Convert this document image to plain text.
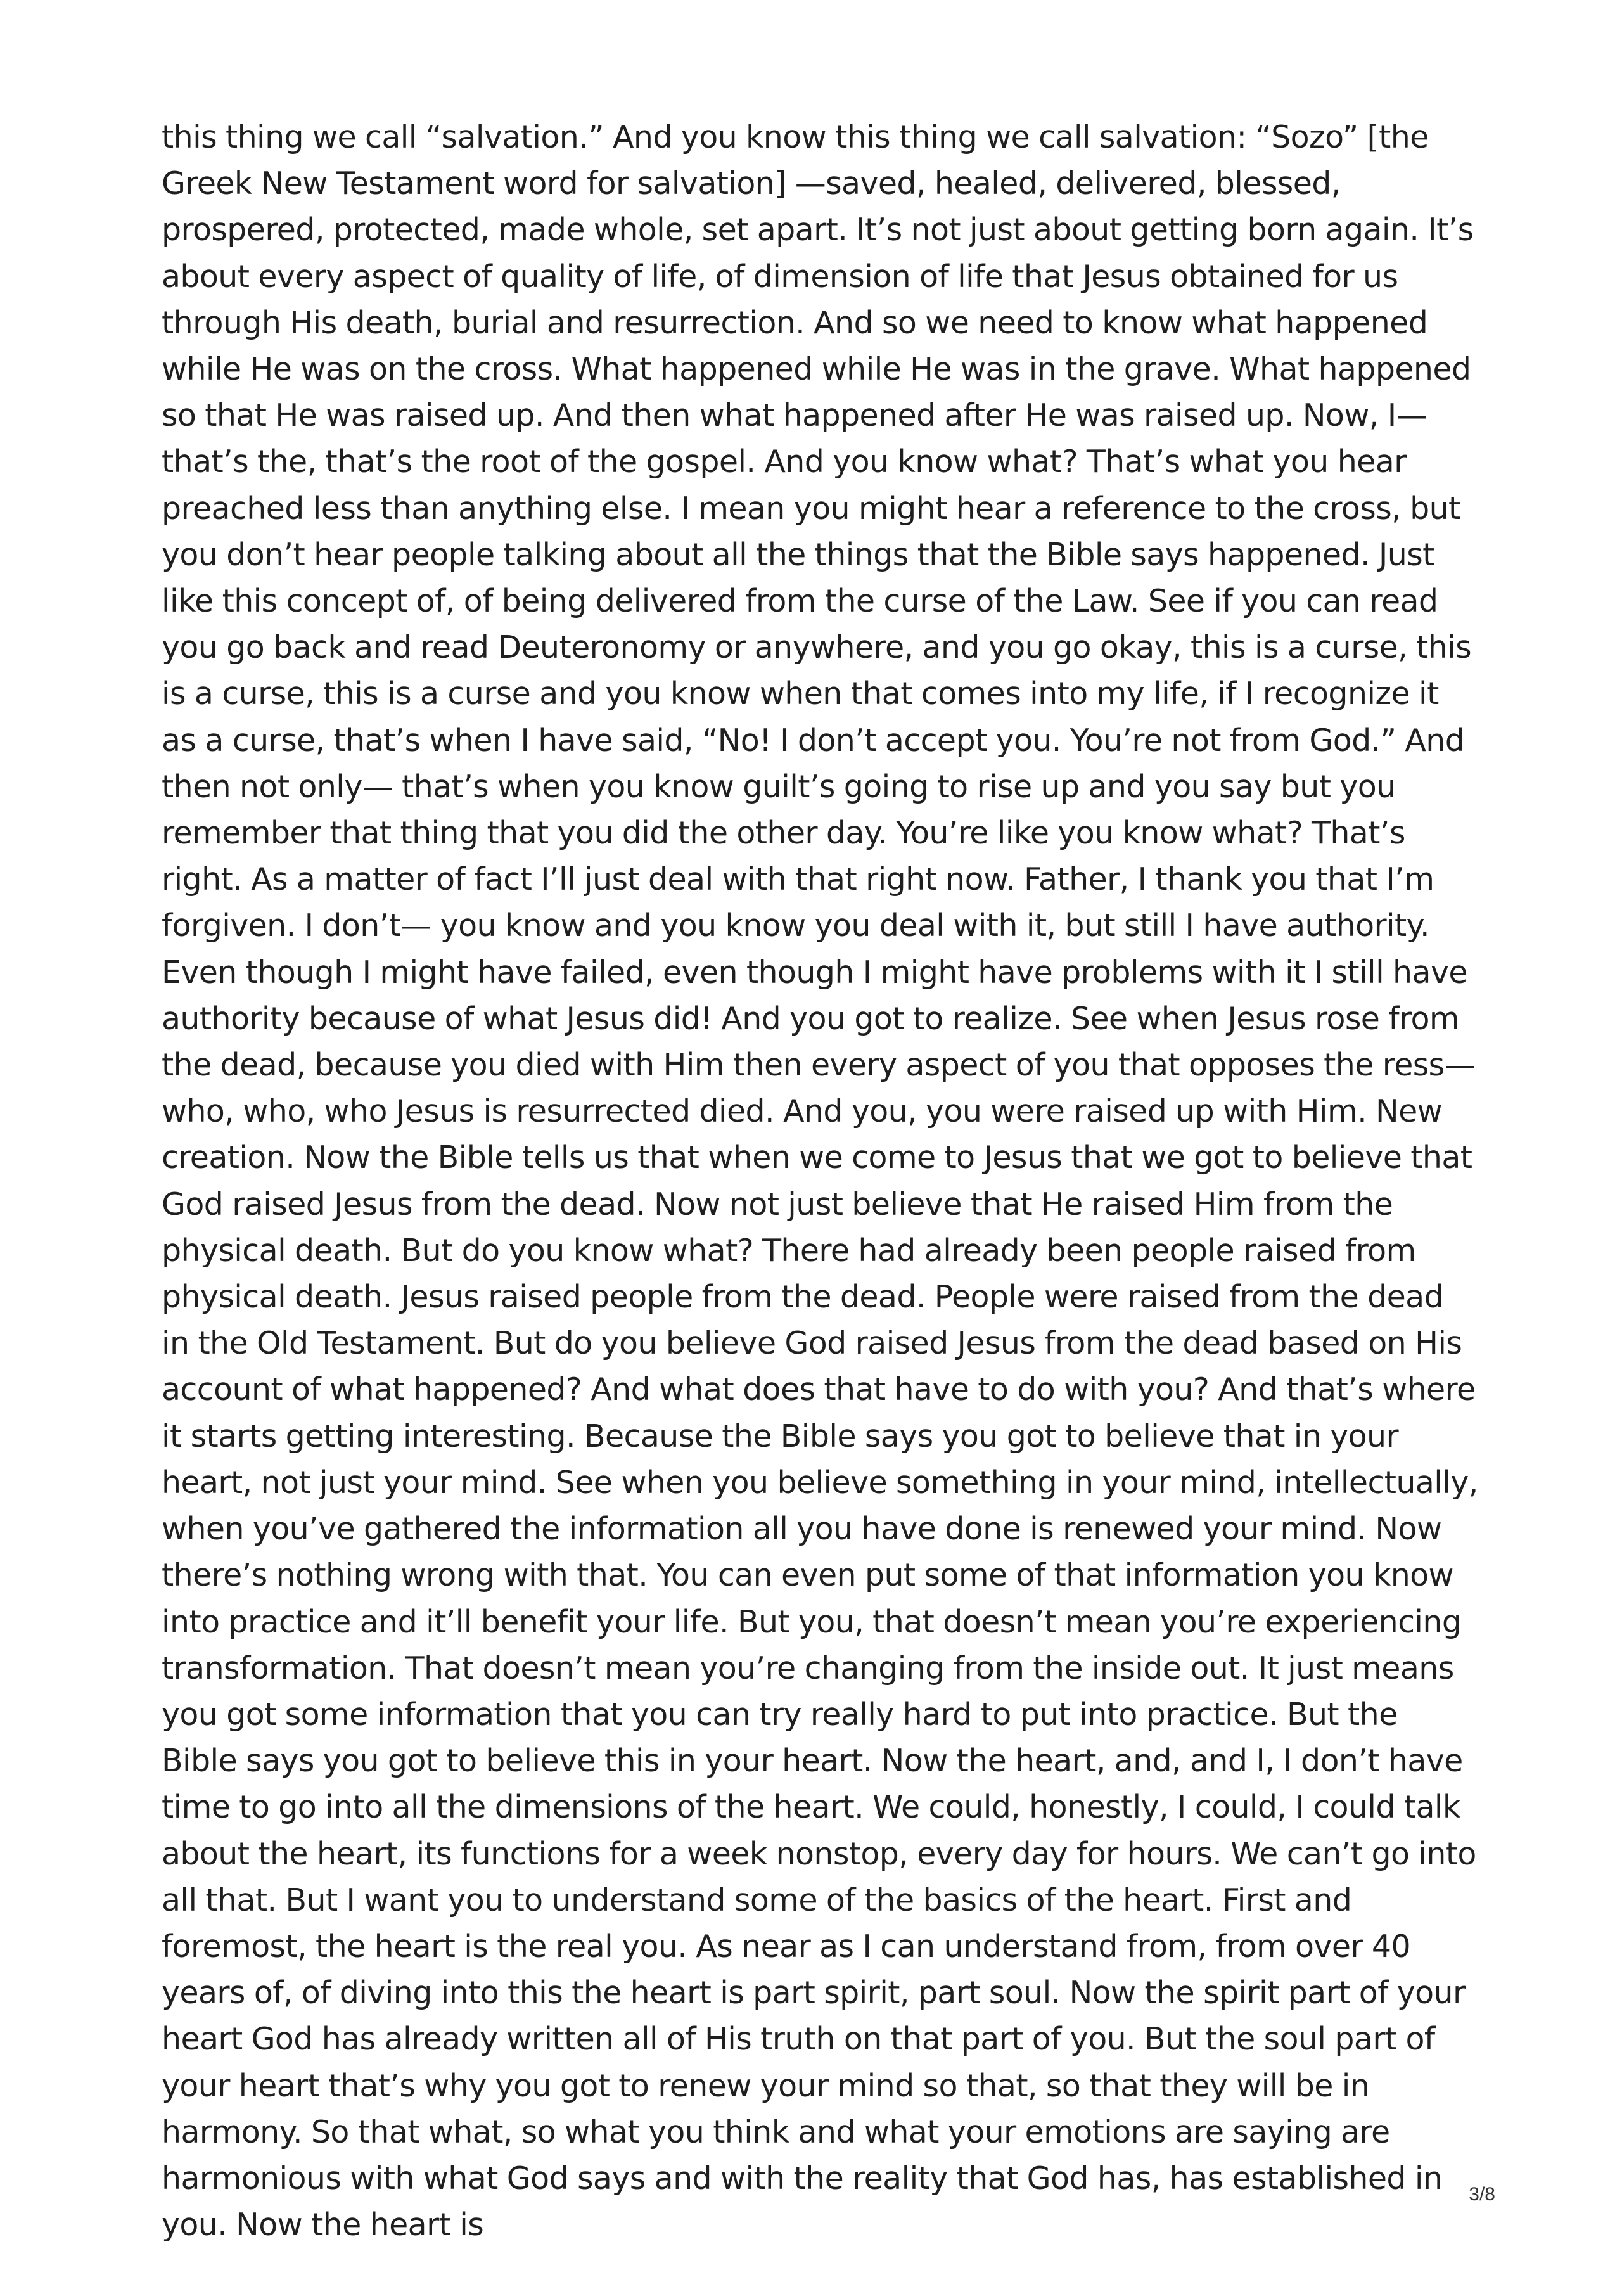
this thing we call “salvation.” And you know this thing we call salvation: “Sozo” [the Greek New Testament word for salvation] —saved, healed, delivered, blessed, prospered, protected, made whole, set apart. It’s not just about getting born again. It’s about every aspect of quality of life, of dimension of life that Jesus obtained for us through His death, burial and resurrection. And so we need to know what happened while He was on the cross. What happened while He was in the grave. What happened so that He was raised up. And then what happened after He was raised up. Now, I— that’s the, that’s the root of the gospel. And you know what? That’s what you hear preached less than anything else. I mean you might hear a reference to the cross, but you don’t hear people talking about all the things that the Bible says happened. Just like this concept of, of being delivered from the curse of the Law. See if you can read you go back and read Deuteronomy or anywhere, and you go okay, this is a curse, this is a curse, this is a curse and you know when that comes into my life, if I recognize it as a curse, that’s when I have said, “No! I don’t accept you. You’re not from God.” And then not only— that’s when you know guilt’s going to rise up and you say but you remember that thing that you did the other day. You’re like you know what? That’s right. As a matter of fact I’ll just deal with that right now. Father, I thank you that I’m forgiven. I don’t— you know and you know you deal with it, but still I have authority. Even though I might have failed, even though I might have problems with it I still have authority because of what Jesus did! And you got to realize. See when Jesus rose from the dead, because you died with Him then every aspect of you that opposes the ress— who, who, who Jesus is resurrected died. And you, you were raised up with Him. New creation. Now the Bible tells us that when we come to Jesus that we got to believe that God raised Jesus from the dead. Now not just believe that He raised Him from the physical death. But do you know what? There had already been people raised from physical death. Jesus raised people from the dead. People were raised from the dead in the Old Testament. But do you believe God raised Jesus from the dead based on His account of what happened? And what does that have to do with you? And that’s where it starts getting interesting. Because the Bible says you got to believe that in your heart, not just your mind. See when you believe something in your mind, intellectually, when you’ve gathered the information all you have done is renewed your mind. Now there’s nothing wrong with that. You can even put some of that information you know into practice and it’ll benefit your life. But you, that doesn’t mean you’re experiencing transformation. That doesn’t mean you’re changing from the inside out. It just means you got some information that you can try really hard to put into practice. But the Bible says you got to believe this in your heart. Now the heart, and, and I, I don’t have time to go into all the dimensions of the heart. We could, honestly, I could, I could talk about the heart, its functions for a week nonstop, every day for hours. We can’t go into all that. But I want you to understand some of the basics of the heart. First and foremost, the heart is the real you. As near as I can understand from, from over 40 years of, of diving into this the heart is part spirit, part soul. Now the spirit part of your heart God has already written all of His truth on that part of you. But the soul part of your heart that’s why you got to renew your mind so that, so that they will be in harmony. So that what, so what you think and what your emotions are saying are harmonious with what God says and with the reality that God has, has established in you. Now the heart is

3/8
